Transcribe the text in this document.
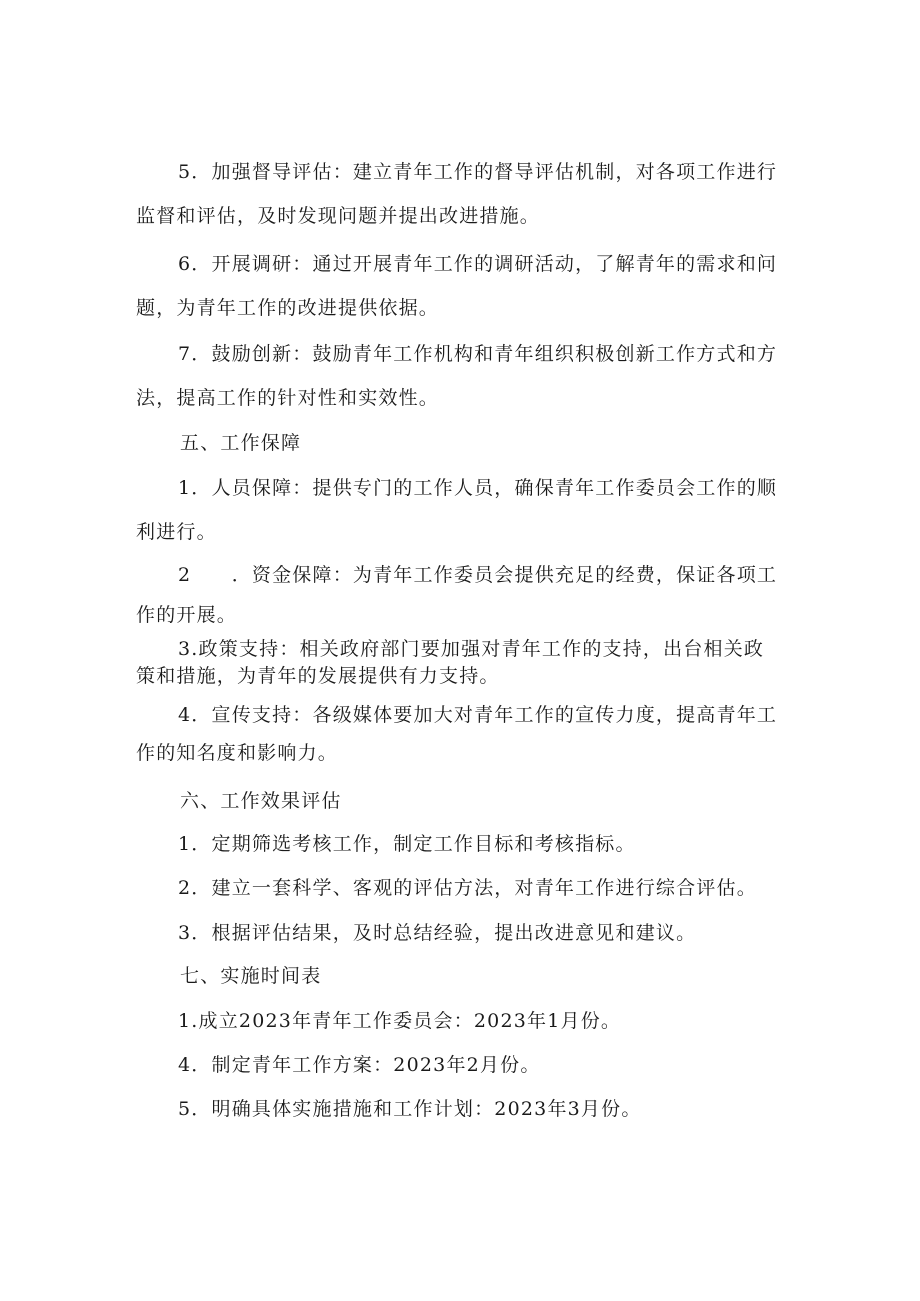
5．加强督导评估：建立青年工作的督导评估机制，对各项工作进行
监督和评估，及时发现问题并提出改进措施。
6．开展调研：通过开展青年工作的调研活动，了解青年的需求和问
题，为青年工作的改进提供依据。
7．鼓励创新：鼓励青年工作机构和青年组织积极创新工作方式和方
法，提高工作的针对性和实效性。
五、工作保障
1．人员保障：提供专门的工作人员，确保青年工作委员会工作的顺
利进行。
2　　．资金保障：为青年工作委员会提供充足的经费，保证各项工
作的开展。
3.政策支持：相关政府部门要加强对青年工作的支持，出台相关政
策和措施，为青年的发展提供有力支持。
4．宣传支持：各级媒体要加大对青年工作的宣传力度，提高青年工
作的知名度和影响力。
六、工作效果评估
1．定期筛选考核工作，制定工作目标和考核指标。
2．建立一套科学、客观的评估方法，对青年工作进行综合评估。
3．根据评估结果，及时总结经验，提出改进意见和建议。
七、实施时间表
1.成立2023年青年工作委员会：2023年1月份。
4．制定青年工作方案：2023年2月份。
5．明确具体实施措施和工作计划：2023年3月份。
